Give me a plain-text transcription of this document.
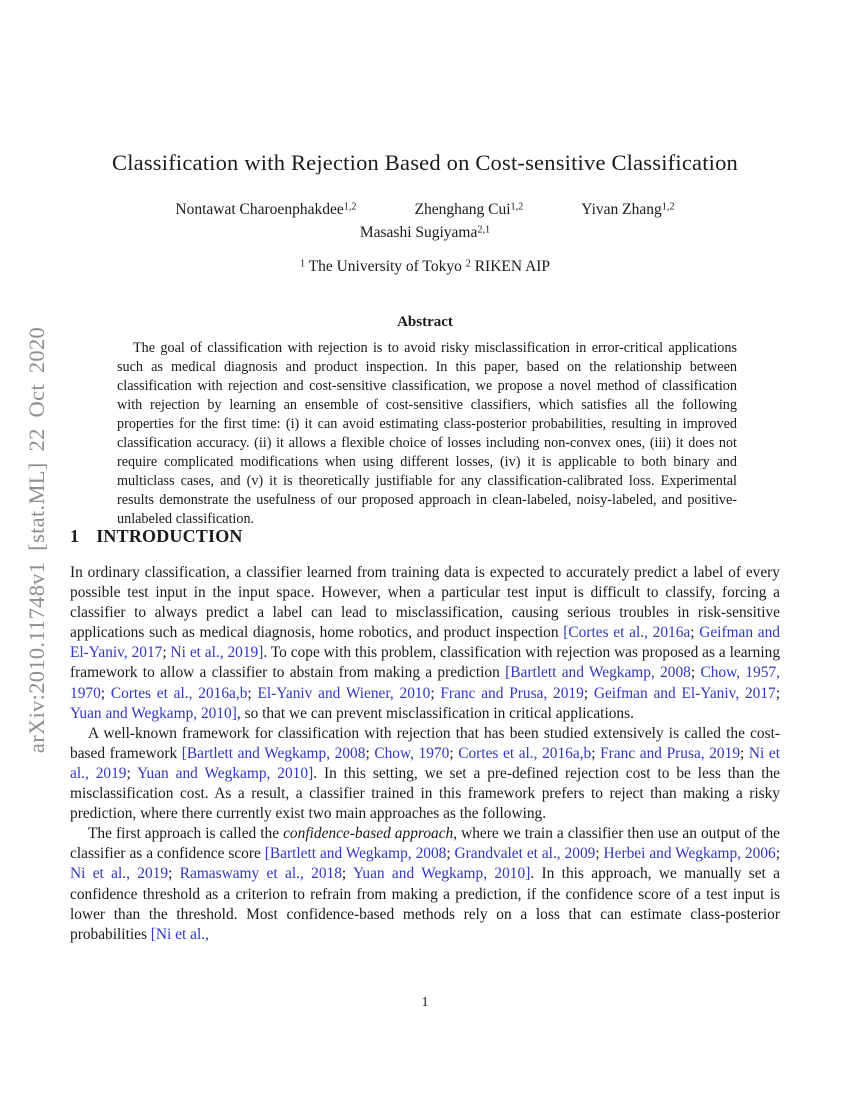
arXiv:2010.11748v1 [stat.ML] 22 Oct 2020
Classification with Rejection Based on Cost-sensitive Classification
Nontawat Charoenphakdee$^{1,2}$	Zhenghang Cui$^{1,2}$	Yivan Zhang$^{1,2}$
Masashi Sugiyama$^{2,1}$
$^1$ The University of Tokyo $^2$ RIKEN AIP
Abstract
The goal of classification with rejection is to avoid risky misclassification in error-critical applications such as medical diagnosis and product inspection. In this paper, based on the relationship between classification with rejection and cost-sensitive classification, we propose a novel method of classification with rejection by learning an ensemble of cost-sensitive classifiers, which satisfies all the following properties for the first time: (i) it can avoid estimating class-posterior probabilities, resulting in improved classification accuracy. (ii) it allows a flexible choice of losses including non-convex ones, (iii) it does not require complicated modifications when using different losses, (iv) it is applicable to both binary and multiclass cases, and (v) it is theoretically justifiable for any classification-calibrated loss. Experimental results demonstrate the usefulness of our proposed approach in clean-labeled, noisy-labeled, and positive-unlabeled classification.
1 INTRODUCTION

In ordinary classification, a classifier learned from training data is expected to accurately predict a label of every possible test input in the input space. However, when a particular test input is difficult to classify, forcing a classifier to always predict a label can lead to misclassification, causing serious troubles in risk-sensitive applications such as medical diagnosis, home robotics, and product inspection [Cortes et al., 2016a; Geifman and El-Yaniv, 2017; Ni et al., 2019]. To cope with this problem, classification with rejection was proposed as a learning framework to allow a classifier to abstain from making a prediction [Bartlett and Wegkamp, 2008; Chow, 1957, 1970; Cortes et al., 2016a,b; El-Yaniv and Wiener, 2010; Franc and Prusa, 2019; Geifman and El-Yaniv, 2017; Yuan and Wegkamp, 2010], so that we can prevent misclassification in critical applications.

A well-known framework for classification with rejection that has been studied extensively is called the cost-based framework [Bartlett and Wegkamp, 2008; Chow, 1970; Cortes et al., 2016a,b; Franc and Prusa, 2019; Ni et al., 2019; Yuan and Wegkamp, 2010]. In this setting, we set a pre-defined rejection cost to be less than the misclassification cost. As a result, a classifier trained in this framework prefers to reject than making a risky prediction, where there currently exist two main approaches as the following.

The first approach is called the confidence-based approach, where we train a classifier then use an output of the classifier as a confidence score [Bartlett and Wegkamp, 2008; Grandvalet et al., 2009; Herbei and Wegkamp, 2006; Ni et al., 2019; Ramaswamy et al., 2018; Yuan and Wegkamp, 2010]. In this approach, we manually set a confidence threshold as a criterion to refrain from making a prediction, if the confidence score of a test input is lower than the threshold. Most confidence-based methods rely on a loss that can estimate class-posterior probabilities [Ni et al.,

1
